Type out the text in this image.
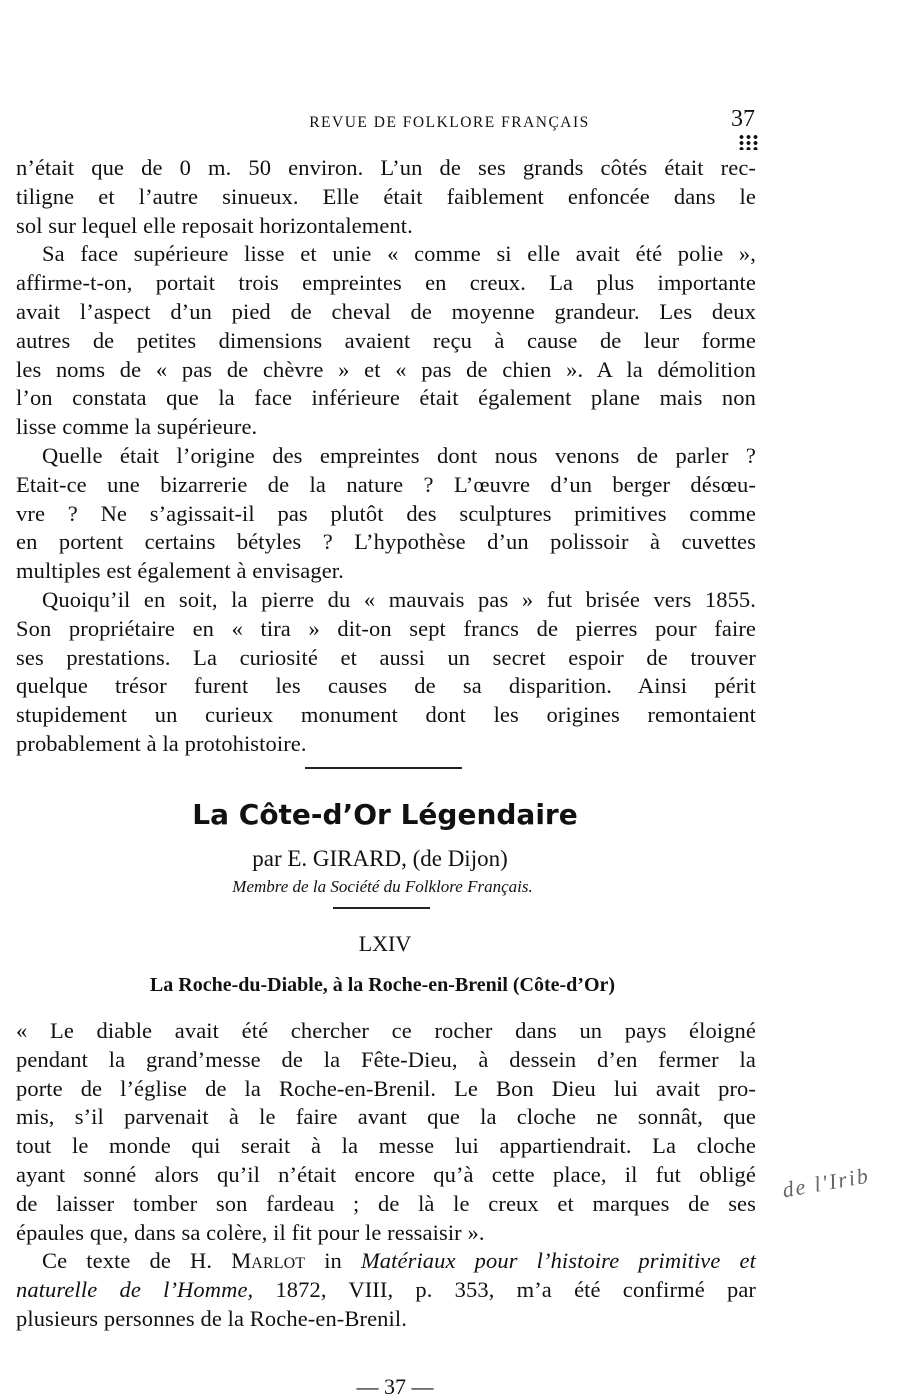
REVUE DE FOLKLORE FRANÇAIS	37
n’était que de 0 m. 50 environ. L’un de ses grands côtés était rec-
tiligne et l’autre sinueux. Elle était faiblement enfoncée dans le
sol sur lequel elle reposait horizontalement.
Sa face supérieure lisse et unie « comme si elle avait été polie »,
affirme-t-on, portait trois empreintes en creux. La plus importante
avait l’aspect d’un pied de cheval de moyenne grandeur. Les deux
autres de petites dimensions avaient reçu à cause de leur forme
les noms de « pas de chèvre » et « pas de chien ». A la démolition
l’on constata que la face inférieure était également plane mais non
lisse comme la supérieure.
Quelle était l’origine des empreintes dont nous venons de parler ?
Etait-ce une bizarrerie de la nature ? L’œuvre d’un berger désœu-
vre ? Ne s’agissait-il pas plutôt des sculptures primitives comme
en portent certains bétyles ? L’hypothèse d’un polissoir à cuvettes
multiples est également à envisager.
Quoiqu’il en soit, la pierre du « mauvais pas » fut brisée vers 1855.
Son propriétaire en « tira » dit-on sept francs de pierres pour faire
ses prestations. La curiosité et aussi un secret espoir de trouver
quelque trésor furent les causes de sa disparition. Ainsi périt
stupidement un curieux monument dont les origines remontaient
probablement à la protohistoire.
La Côte-d’Or Légendaire
par E. GIRARD, (de Dijon)
Membre de la Société du Folklore Français.
LXIV
La Roche-du-Diable, à la Roche-en-Brenil (Côte-d’Or)
« Le diable avait été chercher ce rocher dans un pays éloigné
pendant la grand’messe de la Fête-Dieu, à dessein d’en fermer la
porte de l’église de la Roche-en-Brenil. Le Bon Dieu lui avait pro-
mis, s’il parvenait à le faire avant que la cloche ne sonnât, que
tout le monde qui serait à la messe lui appartiendrait. La cloche
ayant sonné alors qu’il n’était encore qu’à cette place, il fut obligé
de laisser tomber son fardeau ; de là le creux et marques de ses
épaules que, dans sa colère, il fit pour le ressaisir ».
Ce texte de H. Marlot in Matériaux pour l’histoire primitive et
naturelle de l’Homme, 1872, VIII, p. 353, m’a été confirmé par
plusieurs personnes de la Roche-en-Brenil.
de l'Irib
— 37 —
